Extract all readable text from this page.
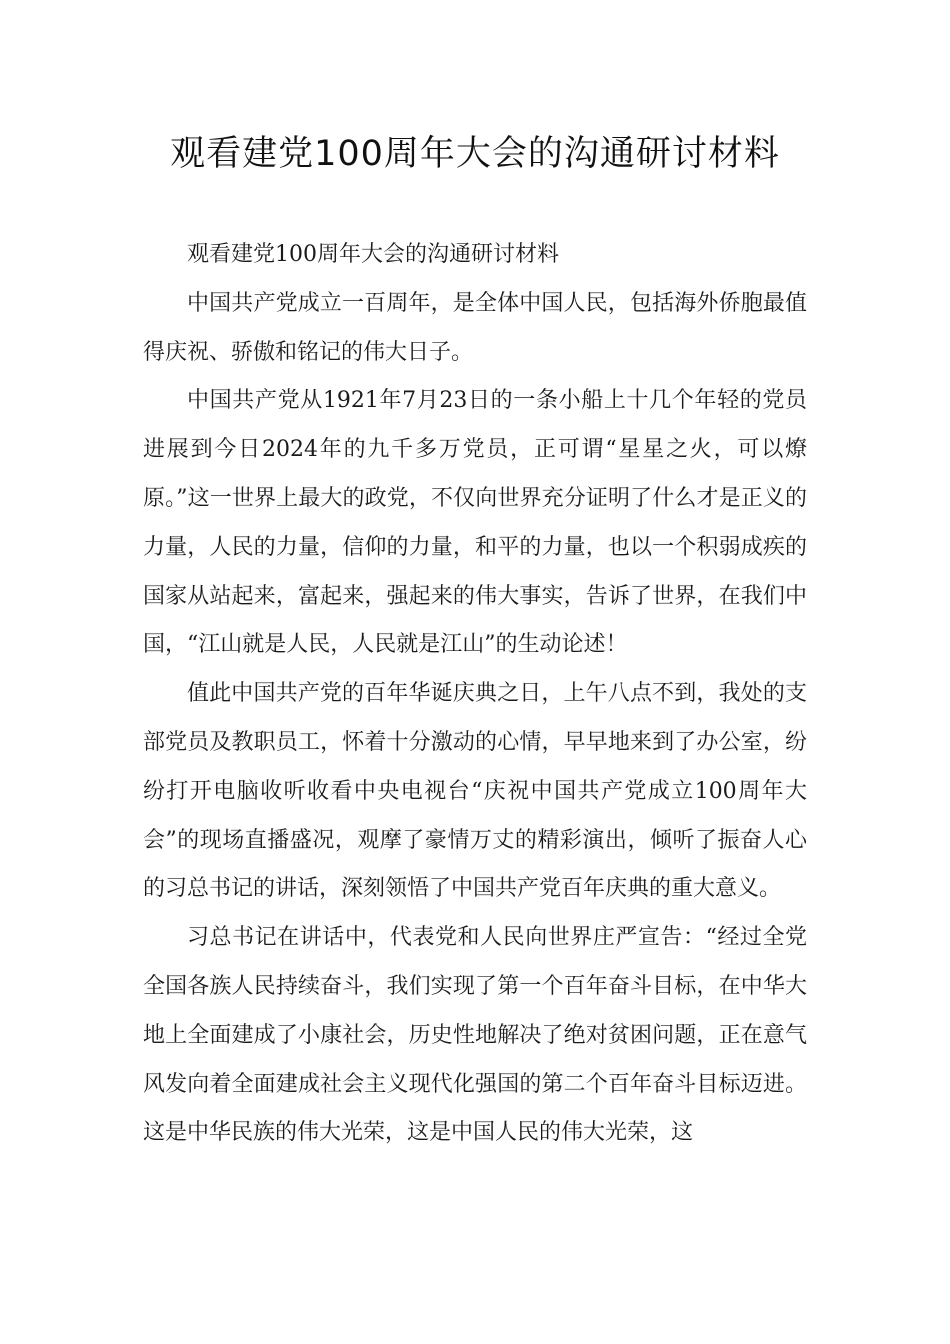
观看建党100周年大会的沟通研讨材料

观看建党100周年大会的沟通研讨材料

中国共产党成立一百周年，是全体中国人民，包括海外侨胞最值得庆祝、骄傲和铭记的伟大日子。

中国共产党从1921年7月23日的一条小船上十几个年轻的党员进展到今日2024年的九千多万党员，正可谓“星星之火，可以燎原。”这一世界上最大的政党，不仅向世界充分证明了什么才是正义的力量，人民的力量，信仰的力量，和平的力量，也以一个积弱成疾的国家从站起来，富起来，强起来的伟大事实，告诉了世界，在我们中国，“江山就是人民，人民就是江山”的生动论述！

值此中国共产党的百年华诞庆典之日，上午八点不到，我处的支部党员及教职员工，怀着十分激动的心情，早早地来到了办公室，纷纷打开电脑收听收看中央电视台“庆祝中国共产党成立100周年大会”的现场直播盛况，观摩了豪情万丈的精彩演出，倾听了振奋人心的习总书记的讲话，深刻领悟了中国共产党百年庆典的重大意义。

习总书记在讲话中，代表党和人民向世界庄严宣告：“经过全党全国各族人民持续奋斗，我们实现了第一个百年奋斗目标，在中华大地上全面建成了小康社会，历史性地解决了绝对贫困问题，正在意气风发向着全面建成社会主义现代化强国的第二个百年奋斗目标迈进。这是中华民族的伟大光荣，这是中国人民的伟大光荣，这
